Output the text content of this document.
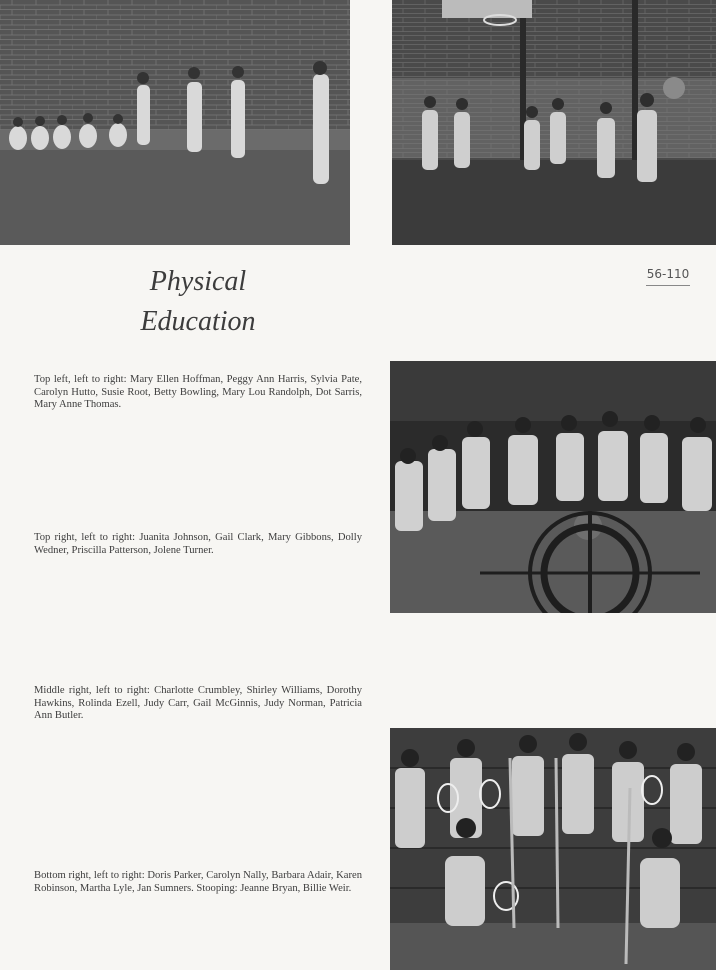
Physical
Education
56-110
Top left, left to right: Mary Ellen Hoffman, Peggy Ann Harris, Sylvia Pate, Carolyn Hutto, Susie Root, Betty Bowling, Mary Lou Randolph, Dot Sarris, Mary Anne Thomas.
Top right, left to right: Juanita Johnson, Gail Clark, Mary Gibbons, Dolly Wedner, Priscilla Patterson, Jolene Turner.
Middle right, left to right: Charlotte Crumbley, Shirley Williams, Dorothy Hawkins, Rolinda Ezell, Judy Carr, Gail McGinnis, Judy Norman, Patricia Ann Butler.
Bottom right, left to right: Doris Parker, Carolyn Nally, Barbara Adair, Karen Robinson, Martha Lyle, Jan Sumners. Stooping: Jeanne Bryan, Billie Weir.
